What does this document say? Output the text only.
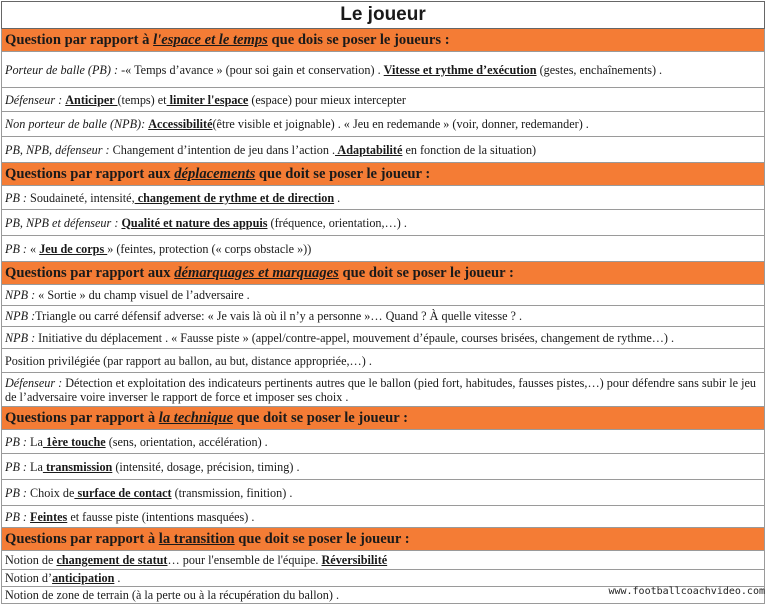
Le joueur
Question par rapport à l'espace et le temps que dois se poser le joueurs :
Porteur de balle (PB) : -« Temps d’avance » (pour soi gain et conservation) . Vitesse et rythme d’exécution (gestes, enchaînements) .
Défenseur : Anticiper (temps) et limiter l'espace (espace) pour mieux intercepter
Non porteur de balle (NPB): Accessibilité(être visible et joignable) . « Jeu en redemande » (voir, donner, redemander) .
PB, NPB, défenseur : Changement d’intention de jeu dans l’action . Adaptabilité en fonction de la situation)
Questions par rapport aux déplacements que doit se poser le joueur :
PB : Soudaineté, intensité, changement de rythme et de direction .
PB, NPB et défenseur : Qualité et nature des appuis (fréquence, orientation,…) .
PB : « Jeu de corps » (feintes, protection (« corps obstacle »))
Questions par rapport aux démarquages et marquages que doit se poser le joueur :
NPB : « Sortie » du champ visuel de l’adversaire .
NPB :Triangle ou carré défensif adverse: « Je vais là où il n’y a personne »… Quand ? À quelle vitesse ? .
NPB : Initiative du déplacement . « Fausse piste » (appel/contre-appel, mouvement d’épaule, courses brisées, changement de rythme…) .
Position privilégiée (par rapport au ballon, au but, distance appropriée,…) .
Défenseur : Détection et exploitation des indicateurs pertinents autres que le ballon (pied fort, habitudes, fausses pistes,…) pour défendre sans subir le jeu de l’adversaire voire inverser le rapport de force et imposer ses choix .
Questions par rapport à la technique que doit se poser le joueur :
PB : La 1ère touche (sens, orientation, accélération) .
PB : La transmission (intensité, dosage, précision, timing) .
PB : Choix de surface de contact (transmission, finition) .
PB : Feintes et fausse piste (intentions masquées) .
Questions par rapport à la transition que doit se poser le joueur :
Notion de changement de statut… pour l'ensemble de l'équipe. Réversibilité
Notion d’anticipation .
Notion de zone de terrain (à la perte ou à la récupération du ballon) .	www.footballcoachvideo.com
